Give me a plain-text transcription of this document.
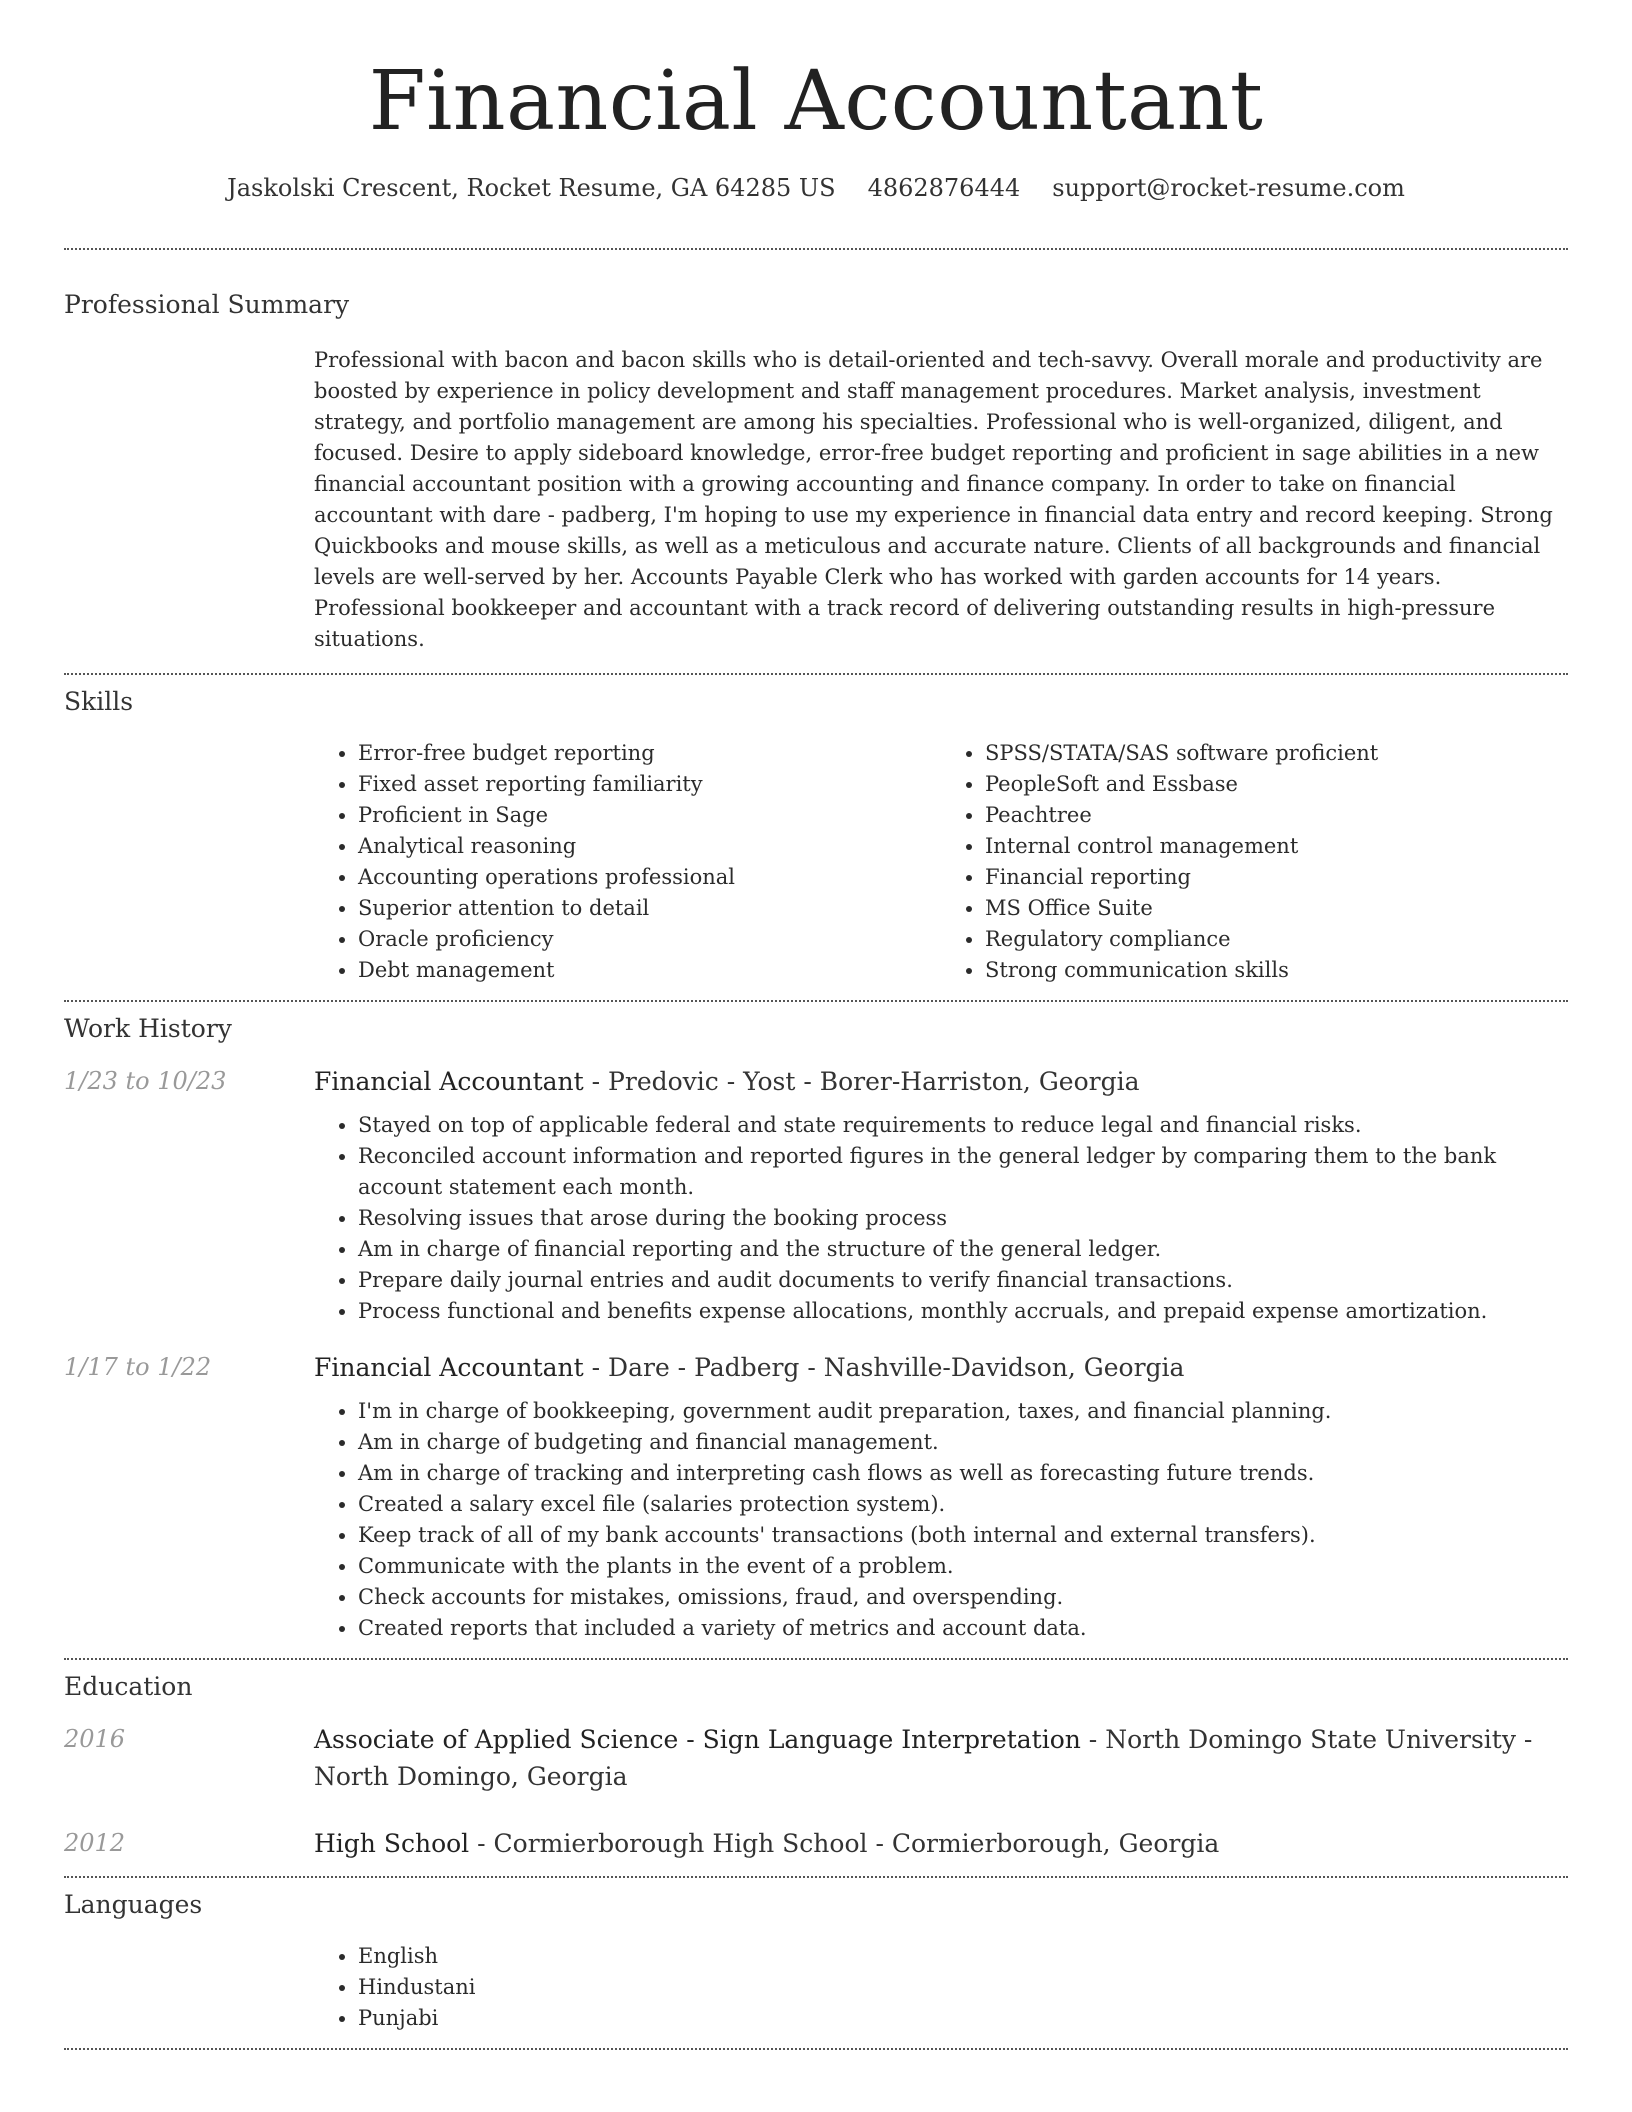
Financial Accountant
Jaskolski Crescent, Rocket Resume, GA 64285 US 4862876444 support@rocket-resume.com
Professional Summary
Professional with bacon and bacon skills who is detail-oriented and tech-savvy. Overall morale and productivity are boosted by experience in policy development and staff management procedures. Market analysis, investment strategy, and portfolio management are among his specialties. Professional who is well-organized, diligent, and focused. Desire to apply sideboard knowledge, error-free budget reporting and proficient in sage abilities in a new financial accountant position with a growing accounting and finance company. In order to take on financial accountant with dare - padberg, I'm hoping to use my experience in financial data entry and record keeping. Strong Quickbooks and mouse skills, as well as a meticulous and accurate nature. Clients of all backgrounds and financial levels are well-served by her. Accounts Payable Clerk who has worked with garden accounts for 14 years. Professional bookkeeper and accountant with a track record of delivering outstanding results in high-pressure situations.
Skills
• Error-free budget reporting
• Fixed asset reporting familiarity
• Proficient in Sage
• Analytical reasoning
• Accounting operations professional
• Superior attention to detail
• Oracle proficiency
• Debt management
• SPSS/STATA/SAS software proficient
• PeopleSoft and Essbase
• Peachtree
• Internal control management
• Financial reporting
• MS Office Suite
• Regulatory compliance
• Strong communication skills
Work History
1/23 to 10/23	Financial Accountant - Predovic - Yost - Borer-Harriston, Georgia
• Stayed on top of applicable federal and state requirements to reduce legal and financial risks.
• Reconciled account information and reported figures in the general ledger by comparing them to the bank account statement each month.
• Resolving issues that arose during the booking process
• Am in charge of financial reporting and the structure of the general ledger.
• Prepare daily journal entries and audit documents to verify financial transactions.
• Process functional and benefits expense allocations, monthly accruals, and prepaid expense amortization.
1/17 to 1/22	Financial Accountant - Dare - Padberg - Nashville-Davidson, Georgia
• I'm in charge of bookkeeping, government audit preparation, taxes, and financial planning.
• Am in charge of budgeting and financial management.
• Am in charge of tracking and interpreting cash flows as well as forecasting future trends.
• Created a salary excel file (salaries protection system).
• Keep track of all of my bank accounts' transactions (both internal and external transfers).
• Communicate with the plants in the event of a problem.
• Check accounts for mistakes, omissions, fraud, and overspending.
• Created reports that included a variety of metrics and account data.
Education
2016	Associate of Applied Science - Sign Language Interpretation - North Domingo State University - North Domingo, Georgia
2012	High School - Cormierborough High School - Cormierborough, Georgia
Languages
• English
• Hindustani
• Punjabi
